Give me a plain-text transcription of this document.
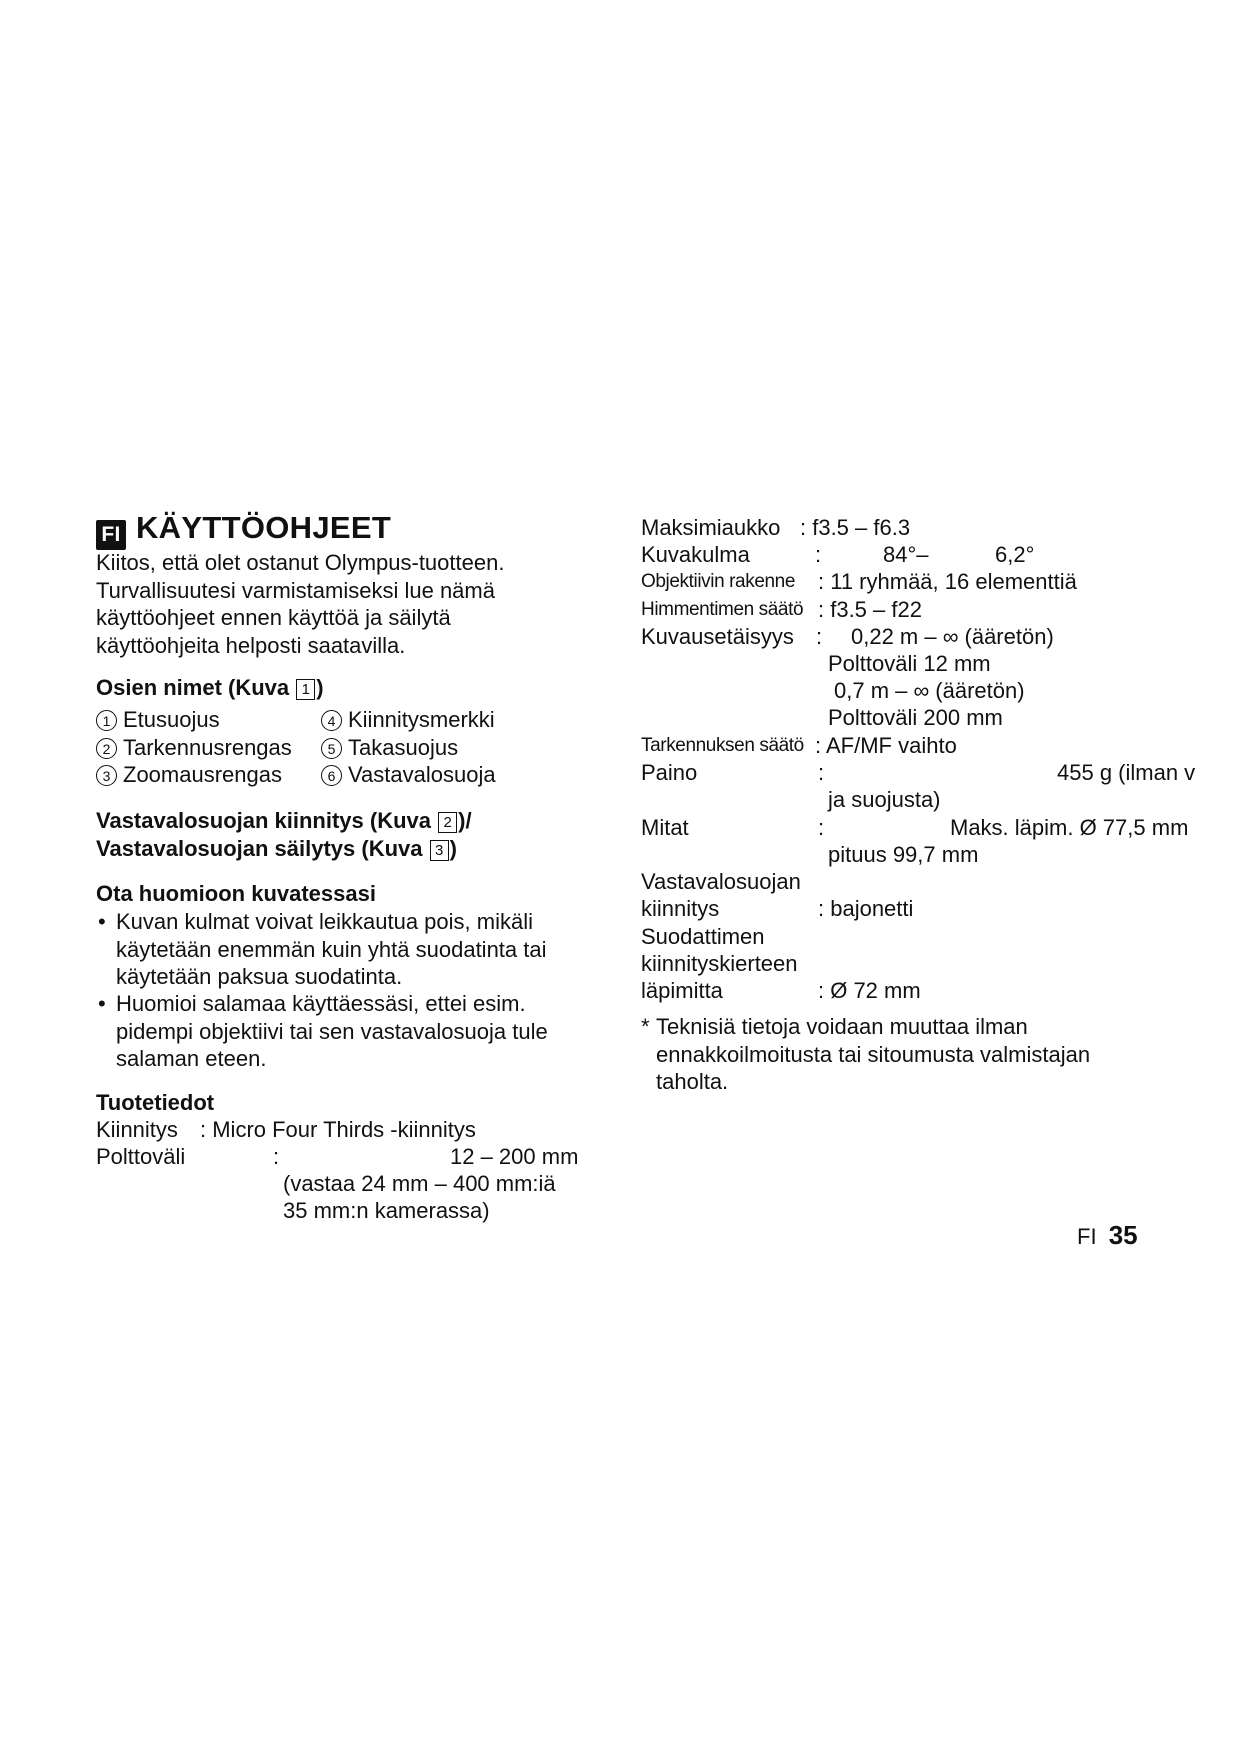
FI KÄYTTÖOHJEET
Kiitos, että olet ostanut Olympus-tuotteen.
Turvallisuutesi varmistamiseksi lue nämä
käyttöohjeet ennen käyttöä ja säilytä
käyttöohjeita helposti saatavilla.
Osien nimet (Kuva 1 )
1 Etusuojus
2 Tarkennusrengas
3 Zoomausrengas
4 Kiinnitysmerkki
5 Takasuojus
6 Vastavalosuoja
Vastavalosuojan kiinnitys (Kuva 2 )/
Vastavalosuojan säilytys (Kuva 3 )
Ota huomioon kuvatessasi
• Kuvan kulmat voivat leikkautua pois, mikäli
käytetään enemmän kuin yhtä suodatinta tai
käytetään paksua suodatinta.
• Huomioi salamaa käyttäessäsi, ettei esim.
pidempi objektiivi tai sen vastavalosuoja tule
salaman eteen.
Tuotetiedot
Kiinnitys : Micro Four Thirds -kiinnitys
Polttoväli	:	12 – 200 mm
(vastaa 24 mm – 400 mm:iä
35 mm:n kamerassa)
Maksimiaukko : f3.5 – f6.3
Kuvakulma	:	84°–	6,2°
Objektiivin rakenne : 11 ryhmää, 16 elementtiä
Himmentimen säätö : f3.5 – f22
Kuvausetäisyys : 0,22 m – ∞ (ääretön)
Polttoväli 12 mm
0,7 m – ∞ (ääretön)
Polttoväli 200 mm
Tarkennuksen säätö : AF/MF vaihto
Paino	:	455 g (ilman v
ja suojusta)
Mitat	:	Maks. läpim. Ø 77,5 mm
pituus 99,7 mm
Vastavalosuojan
kiinnitys	: bajonetti
Suodattimen
kiinnityskierteen
läpimitta	: Ø 72 mm
* Teknisiä tietoja voidaan muuttaa ilman
ennakkoilmoitusta tai sitoumusta valmistajan
taholta.
FI 35
